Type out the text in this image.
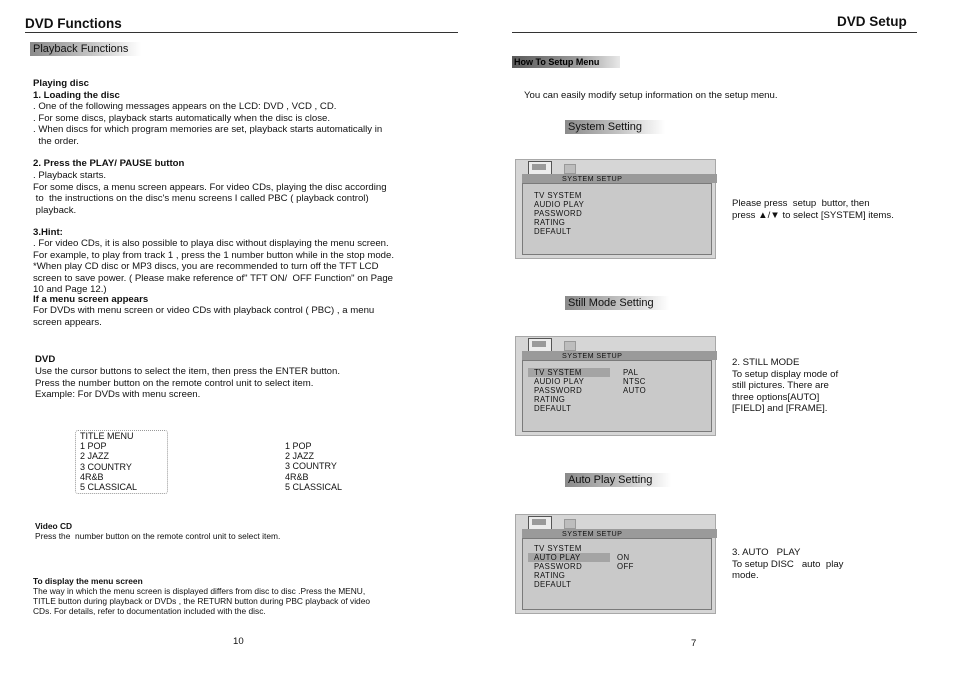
DVD Functions
Playback Functions
Playing disc
1. Loading the disc
. One of the following messages appears on the LCD: DVD , VCD , CD.
. For some discs, playback starts automatically when the disc is close.
. When discs for which program memories are set, playback starts automatically in
the order.
2. Press the PLAY/ PAUSE button
. Playback starts.
For some discs, a menu screen appears. For video CDs, playing the disc according
to  the instructions on the disc's menu screens I called PBC ( playback control)
playback.
3.Hint:
. For video CDs, it is also possible to playa disc without displaying the menu screen.
For example, to play from track 1 , press the 1 number button while in the stop mode.
*When play CD disc or MP3 discs, you are recommended to turn off the TFT LCD
screen to save power. ( Please make reference of" TFT ON/  OFF Function" on Page
10 and Page 12.)
If a menu screen appears
For DVDs with menu screen or video CDs with playback control ( PBC) , a menu
screen appears.
DVD
Use the cursor buttons to select the item, then press the ENTER button.
Press the number button on the remote control unit to select item.
Example: For DVDs with menu screen.
TITLE MENU
1 POP
2 JAZZ
3 COUNTRY
4R&B
5 CLASSICAL
1 POP
2 JAZZ
3 COUNTRY
4R&B
5 CLASSICAL
Video CD
Press the  number button on the remote control unit to select item.
To display the menu screen
The way in which the menu screen is displayed differs from disc to disc .Press the MENU,
TITLE button during playback or DVDs , the RETURN button during PBC playback of video
CDs. For details, refer to documentation included with the disc.
10
DVD Setup
How To Setup Menu
You can easily modify setup information on the setup menu.
System Setting
SYSTEM SETUP
TV SYSTEM
AUDIO PLAY
PASSWORD
RATING
DEFAULT
Please press  setup  buttor, then
press ▲/▼ to select [SYSTEM] items.
Still Mode Setting
SYSTEM SETUP
TV SYSTEM
AUDIO PLAY
PASSWORD
RATING
DEFAULT
PAL
NTSC
AUTO
2. STILL MODE
To setup display mode of
still pictures. There are
three options[AUTO]
[FIELD] and [FRAME].
Auto Play Setting
SYSTEM SETUP
TV SYSTEM
AUTO PLAY
PASSWORD
RATING
DEFAULT
ON
OFF
3. AUTO   PLAY
To setup DISC   auto  play
mode.
7
